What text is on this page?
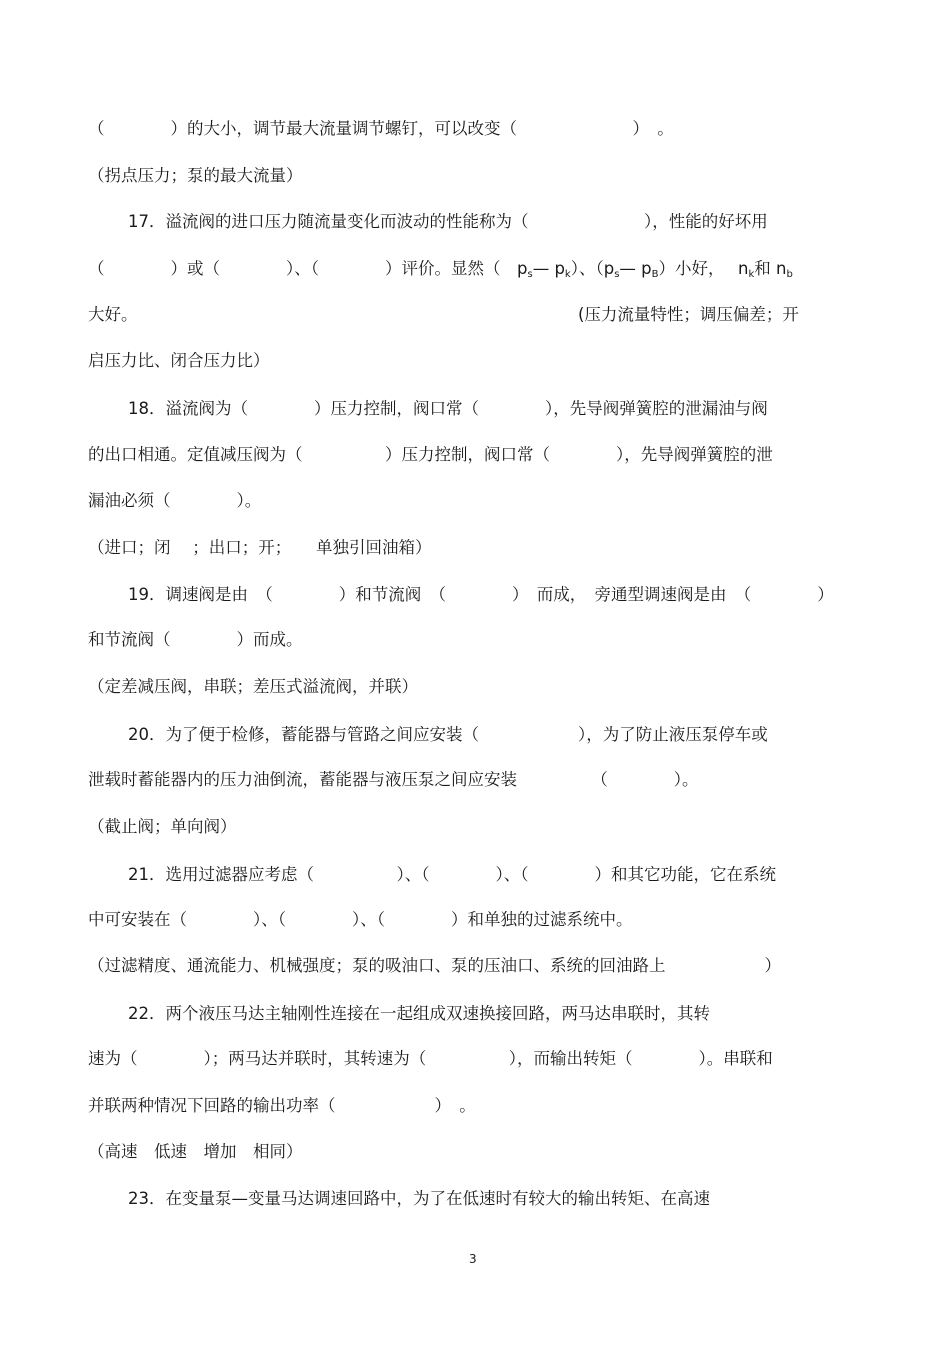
（　　　　）的大小，调节最大流量调节螺钉，可以改变（　　　　　　　）　。
（拐点压力；泵的最大流量）
17．溢流阀的进口压力随流量变化而波动的性能称为（　　　　　　　），性能的好坏用
（　　　　）或（　　　　）、（　　　　）评价。显然（　ps— pk）、（ps— pB）小好，　 nk和 nb
大好。	(压力流量特性；调压偏差；开
启压力比、闭合压力比）
18．溢流阀为（　　　　）压力控制，阀口常（　　　　），先导阀弹簧腔的泄漏油与阀
的出口相通。定值减压阀为（　　　　　）压力控制，阀口常（　　　　），先导阀弹簧腔的泄
漏油必须（　　　　）。
（进口；闭　 ；出口；开；　　单独引回油箱）
19．调速阀是由　（　　　　）和节流阀　（　　　　）　而成，　旁通型调速阀是由　（　　　　）
和节流阀（　　　　）而成。
（定差减压阀，串联；差压式溢流阀，并联）
20．为了便于检修，蓄能器与管路之间应安装（　　　　　　），为了防止液压泵停车或
泄载时蓄能器内的压力油倒流，蓄能器与液压泵之间应安装　　　　　（　　　　）。
（截止阀；单向阀）
21．选用过滤器应考虑（　　　　　）、（　　　　）、（　　　　）和其它功能，它在系统
中可安装在（　　　　）、（　　　　）、（　　　　）和单独的过滤系统中。
（过滤精度、通流能力、机械强度；泵的吸油口、泵的压油口、系统的回油路上　　　　　　）
22．两个液压马达主轴刚性连接在一起组成双速换接回路，两马达串联时，其转
速为（　　　　）；两马达并联时，其转速为（　　　　　），而输出转矩（　　　　）。串联和
并联两种情况下回路的输出功率（　　　　　　）　。
（高速　低速　增加　相同）
23．在变量泵—变量马达调速回路中，为了在低速时有较大的输出转矩、在高速
3
